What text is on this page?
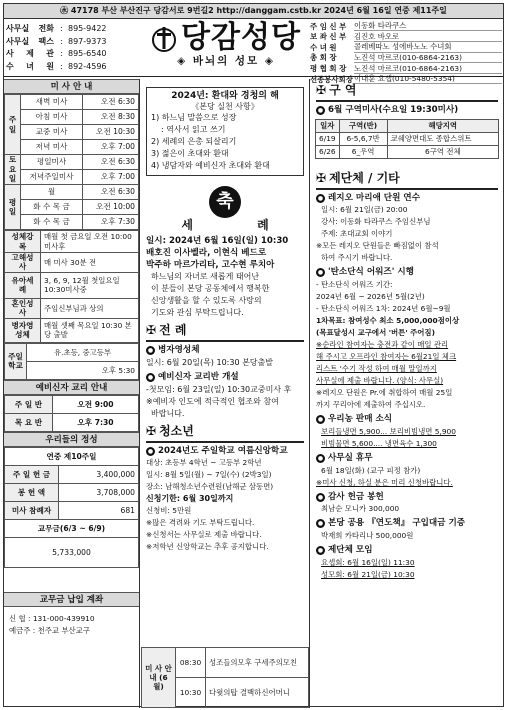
㊌ 47178 부산 부산진구 당감서로 9번길2 http://danggam.cstb.kr 2024년 6월 16일 연중 제11주일
사무실 전화 : 895-9422
사무실 팩스 : 897-9373
사 제 관 : 895-6540
수 녀 원 : 892-4596
당감성당
◈ 바뇌의 성모 ◈
주 임 신 부	이동화 타라쿠스
보 좌 신 부	김진호 바오로
수 녀 원	콜레베따노 성에바노노 수녀회
총 회 장	노진석 마르코(010-6864-2163)
평 협 회 장	노진석 마르코(010-6864-2163)
선종봉사회장 이대훈 요셉(010-5480-5354)
미 사 안 내
주일	새벽 미사	오전 6:30
	아침 미사	오전 8:30
	교중 미사	오전 10:30
	저녁 미사	오후 7:00
토요일	평일미사	오전 6:30
	저녁주일미사	오후 7:00
평일	월	오전 6:30
	화 수 목 금	오전 10:00
	화 수 목 금	오후 7:30
성체강복	매월 첫 금요일 오전 10:00 미사후
고해성사	매 미사 30분 전
유아세례	3, 6, 9, 12월 첫일요일 10:30미사중
혼인성사	주임신부님과 상의
병자영성체	매월 셋째 목요일 10:30 본당 출발
주일학교	유.초등, 중고등부
오후 5:30
예비신자 교리 안내
주 일 반	오전 9:00
목 요 반	오후 7:30
우리들의 정성
연중 제10주일	
주 일 헌 금	3,400,000
봉 헌 액	3,708,000
미사 참례자	681
교무금(6/3 ~ 6/9)	
5,733,000	
교무금 납입 계좌
신 협 : 131-000-439910
예금주 : 천주교 부산교구
2024년: 환대와 경청의 해
《본당 실천 사항》
1) 하느님 말씀으로 성장
: 역사서 읽고 쓰기
2) 세례의 은총 되살리기
3) 젊은이 초대와 환대
4) 냉담자와 예비신자 초대와 환대
축
세 례
일시: 2024년 6월 16일(일) 10:30
배호진 이사벨라, 이현식 베드로
박주하 마르가리타, 고수현 루치아
하느님의 자녀로 새롭게 태어난
이 분들이 본당 공동체에서 행복한
신앙생활을 할 수 있도록 사랑의
기도와 관심 부탁드립니다.
✠ 전 례
● 병자영성체
일시: 6월 20일(목) 10:30 본당출발
● 예비신자 교리반 개설
-첫모임: 6월 23일(일) 10:30교중미사 후
※예비자 인도에 적극적인 협조와 참여
바랍니다.
✠ 청소년
● 2024년도 주일학교 여름신앙학교
대상: 초등부 4학년 ~ 고등부 2학년
일시: 8월 5일(월) ~ 7일(수) (2박3일)
장소: 남해청소년수련원(남해군 삼동면)
신청기한: 6월 30일까지
신청비: 5만원
※많은 격려와 기도 부탁드립니다.
※신청서는 사무실로 제출 바랍니다.
※저학년 신앙학교는 추후 공지합니다.
미 사 안 내 (6월)	08:30	성조들의모후 구세주의모친
	10:30	다윗의탑 결백하신어머니
✠ 구 역
● 6월 구역미사(수요일 19:30미사)
일자	구역(반)	해당지역
6/19	6-5,6,7반	쿄쉐양면대도 종합스위트
6/26	6_우역	6구역 전체
✠ 제단체 / 기타
● 레지오 마리애 단원 연수
일시: 6월 21일(금) 20:00
강사: 이동화 타라쿠스 주임신부님
주제: 초대교회 이야기
※모든 레지오 단원들은 빠짐없이 참석
하여 주시기 바랍니다.
● '탄소단식 어워즈' 시행
- 탄소단식 어워즈 기간:
2024년 6월 ~ 2026년 5월(2년)
- 탄소단식 어워즈 1차: 2024년 6월~9월
1차목표: 참여성수 최소 5,000,000점이상
(목표달성시 교구에서 '버튼' 주어짐)
※순라인 참여자는 충전과 같이 매일 관리
해 주시고 오프라인 참여자는 6월21일 체크
리스트 '수기 작성 하여 매월 말일까지
사무실에 제출 바랍니다. (양식: 사무실)
※레지오 단원은 Pr.에 취합하여 매월 25일
까지 꾸리아에 제출하여 주십시오.
● 우리농 판매 소식
보리들냉면 5,900... 보리비빔냉면 5,900
비빔물면 5,600.... 냉면육수 1,300
● 사무실 휴무
6월 18일(화) (교구 피정 참가)
※미사 신청, 하실 분은 미리 신청바랍니다.
● 감사 헌금 봉헌
최남순 모니카 300,000
● 본당 공용 『연도책』 구입대금 기증
박재희 카타리나 500,000원
● 제단체 모임
요셉회: 6월 16일(일) 11:30
성모회: 6월 21일(금) 10:30
